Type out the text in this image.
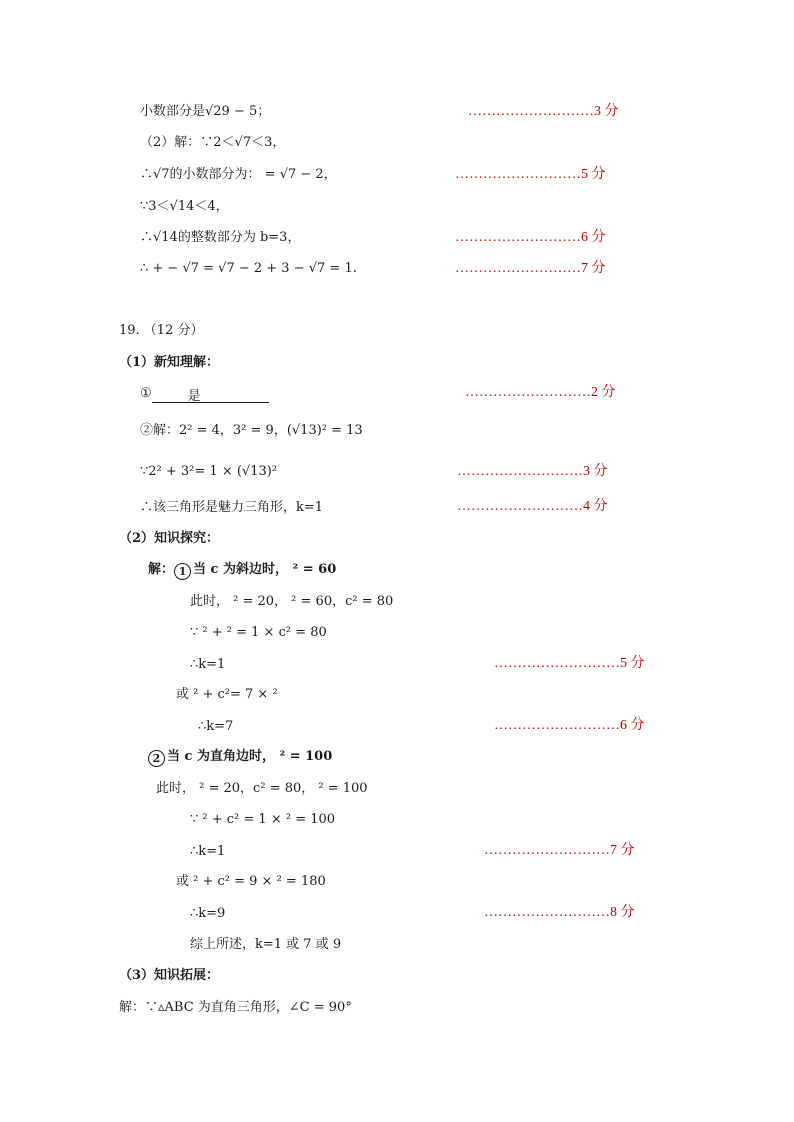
小数部分是√29 − 5；	………………………3 分
（2）解：∵2＜√7＜3，
∴√7的小数部分为： = √7 − 2，	………………………5 分
∵3＜√14＜4，
∴√14的整数部分为 b=3，	………………………6 分
∴ + − √7 = √7 − 2 + 3 − √7 = 1.	………………………7 分
19. （12 分）
（1）新知理解：
①	是	………………………2 分
②解：2² = 4，3² = 9，(√13)² = 13
∵2² + 3²= 1 × (√13)²	………………………3 分
∴该三角形是魅力三角形，k=1	………………………4 分
（2）知识探究：
解： 1 当 c 为斜边时， ² = 60
此时， ² = 20， ² = 60，c² = 80
∵ ² + ² = 1 × c² = 80
∴k=1	………………………5 分
或 ² + c²= 7 × ²
∴k=7	………………………6 分
2 当 c 为直角边时， ² = 100
此时， ² = 20，c² = 80， ² = 100
∵ ² + c² = 1 × ² = 100
∴k=1	………………………7 分
或 ² + c² = 9 × ² = 180
∴k=9	………………………8 分
综上所述，k=1 或 7 或 9
（3）知识拓展：
解：∵▵ABC 为直角三角形，∠C = 90°
